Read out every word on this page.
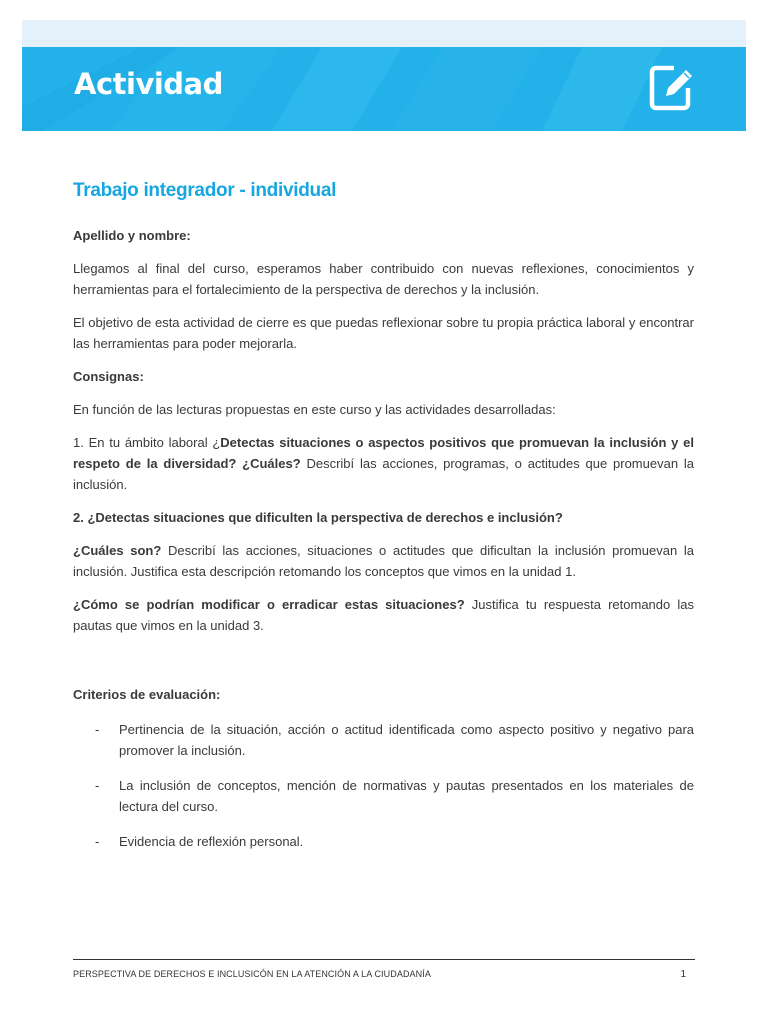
Actividad
Trabajo integrador - individual

Apellido y nombre:

Llegamos al final del curso, esperamos haber contribuido con nuevas reflexiones, conocimientos y herramientas para el fortalecimiento de la perspectiva de derechos y la inclusión.

El objetivo de esta actividad de cierre es que puedas reflexionar sobre tu propia práctica laboral y encontrar las herramientas para poder mejorarla.

Consignas:

En función de las lecturas propuestas en este curso y las actividades desarrolladas:

1. En tu ámbito laboral ¿Detectas situaciones o aspectos positivos que promuevan la inclusión y el respeto de la diversidad? ¿Cuáles? Describí las acciones, programas, o actitudes que promuevan la inclusión.

2. ¿Detectas situaciones que dificulten la perspectiva de derechos e inclusión?

¿Cuáles son? Describí las acciones, situaciones o actitudes que dificultan la inclusión promuevan la inclusión. Justifica esta descripción retomando los conceptos que vimos en la unidad 1.

¿Cómo se podrían modificar o erradicar estas situaciones? Justifica tu respuesta retomando las pautas que vimos en la unidad 3.

Criterios de evaluación:

- Pertinencia de la situación, acción o actitud identificada como aspecto positivo y negativo para promover la inclusión.
- La inclusión de conceptos, mención de normativas y pautas presentados en los materiales de lectura del curso.
- Evidencia de reflexión personal.
PERSPECTIVA DE DERECHOS E INCLUSICÓN EN LA ATENCIÓN A LA CIUDADANÍA	1
